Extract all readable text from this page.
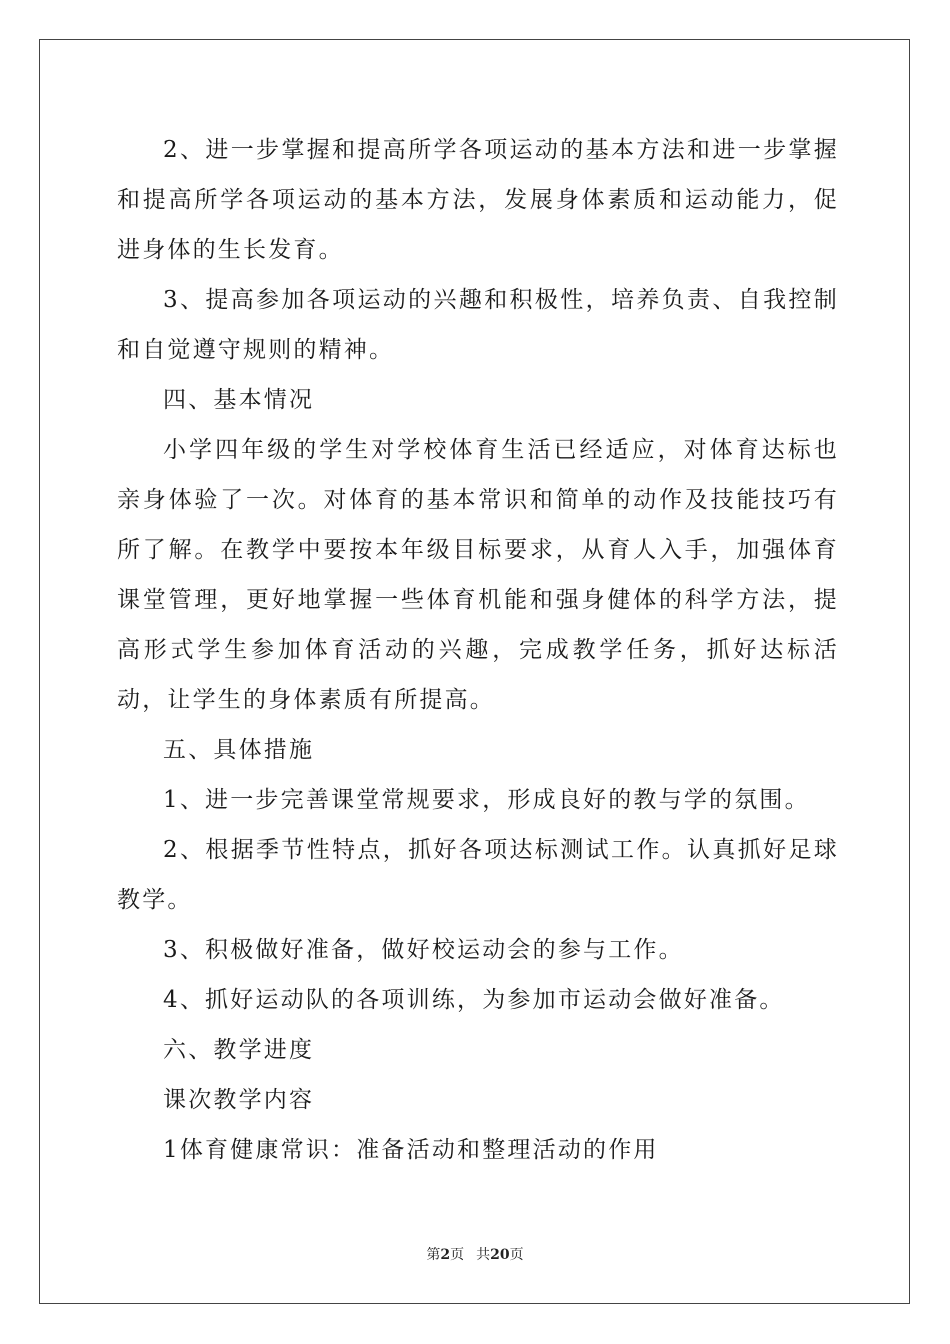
2、进一步掌握和提高所学各项运动的基本方法和进一步掌握和提高所学各项运动的基本方法，发展身体素质和运动能力，促进身体的生长发育。

3、提高参加各项运动的兴趣和积极性，培养负责、自我控制和自觉遵守规则的精神。

四、基本情况

小学四年级的学生对学校体育生活已经适应，对体育达标也亲身体验了一次。对体育的基本常识和简单的动作及技能技巧有所了解。在教学中要按本年级目标要求，从育人入手，加强体育课堂管理，更好地掌握一些体育机能和强身健体的科学方法，提高形式学生参加体育活动的兴趣，完成教学任务，抓好达标活动，让学生的身体素质有所提高。

五、具体措施

1、进一步完善课堂常规要求，形成良好的教与学的氛围。

2、根据季节性特点，抓好各项达标测试工作。认真抓好足球教学。

3、积极做好准备，做好校运动会的参与工作。

4、抓好运动队的各项训练，为参加市运动会做好准备。

六、教学进度

课次教学内容

1体育健康常识：准备活动和整理活动的作用

第2页 共20页
